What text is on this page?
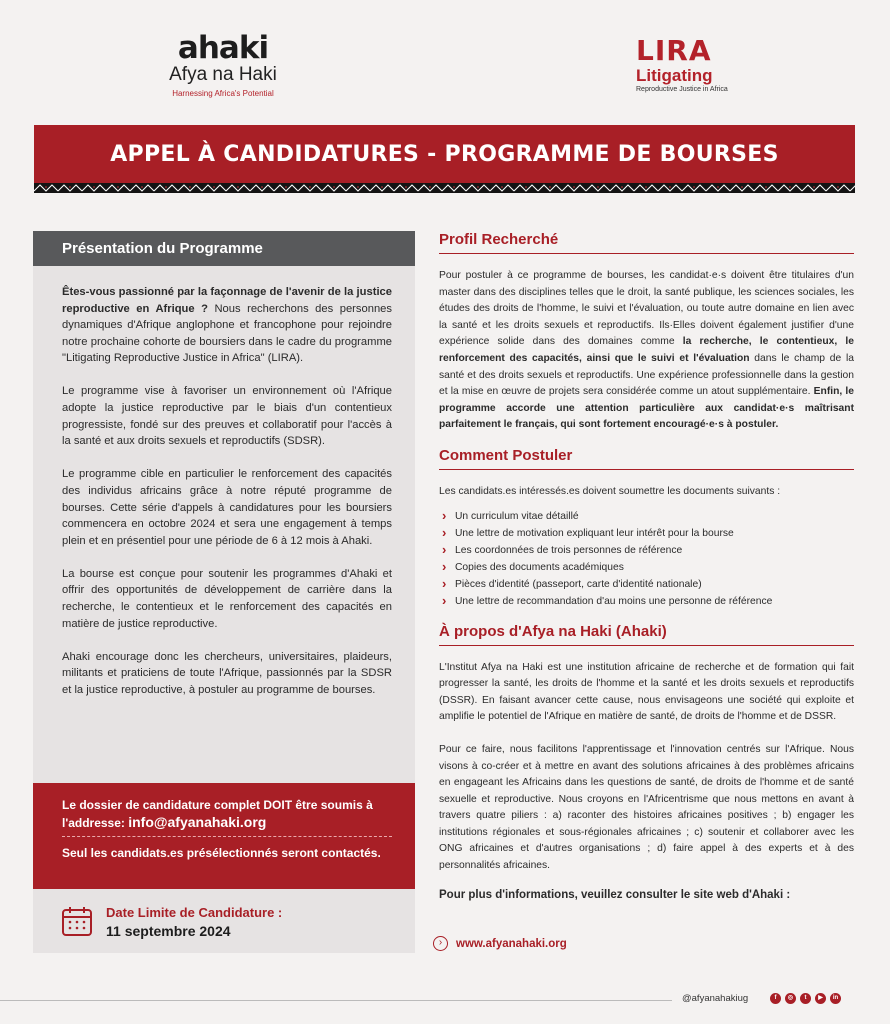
ahaki
Afya na Haki
Harnessing Africa's Potential
LIRA
Litigating
Reproductive Justice in Africa
APPEL À CANDIDATURES - PROGRAMME DE BOURSES
Présentation du Programme

Êtes-vous passionné par la façonnage de l'avenir de la justice reproductive en Afrique ? Nous recherchons des personnes dynamiques d'Afrique anglophone et francophone pour rejoindre notre prochaine cohorte de boursiers dans le cadre du programme "Litigating Reproductive Justice in Africa" (LIRA).

Le programme vise à favoriser un environnement où l'Afrique adopte la justice reproductive par le biais d'un contentieux progressiste, fondé sur des preuves et collaboratif pour l'accès à la santé et aux droits sexuels et reproductifs (SDSR).

Le programme cible en particulier le renforcement des capacités des individus africains grâce à notre réputé programme de bourses. Cette série d'appels à candidatures pour les boursiers commencera en octobre 2024 et sera une engagement à temps plein et en présentiel pour une période de 6 à 12 mois à Ahaki.

La bourse est conçue pour soutenir les programmes d'Ahaki et offrir des opportunités de développement de carrière dans la recherche, le contentieux et le renforcement des capacités en matière de justice reproductive.

Ahaki encourage donc les chercheurs, universitaires, plaideurs, militants et praticiens de toute l'Afrique, passionnés par la SDSR et la justice reproductive, à postuler au programme de bourses.

Le dossier de candidature complet DOIT être soumis à l'addresse: info@afyanahaki.org
Seul les candidats.es présélectionnés seront contactés.
Date Limite de Candidature :
11 septembre 2024
Profil Recherché

Pour postuler à ce programme de bourses, les candidat·e·s doivent être titulaires d'un master dans des disciplines telles que le droit, la santé publique, les sciences sociales, les études des droits de l'homme, le suivi et l'évaluation, ou toute autre domaine en lien avec la santé et les droits sexuels et reproductifs. Ils·Elles doivent également justifier d'une expérience solide dans des domaines comme la recherche, le contentieux, le renforcement des capacités, ainsi que le suivi et l'évaluation dans le champ de la santé et des droits sexuels et reproductifs. Une expérience professionnelle dans la gestion et la mise en œuvre de projets sera considérée comme un atout supplémentaire. Enfin, le programme accorde une attention particulière aux candidat·e·s maîtrisant parfaitement le français, qui sont fortement encouragé·e·s à postuler.

Comment Postuler

Les candidats.es intéressés.es doivent soumettre les documents suivants :

› Un curriculum vitae détaillé
› Une lettre de motivation expliquant leur intérêt pour la bourse
› Les coordonnées de trois personnes de référence
› Copies des documents académiques
› Pièces d'identité (passeport, carte d'identité nationale)
› Une lettre de recommandation d'au moins une personne de référence
À propos d'Afya na Haki (Ahaki)

L'Institut Afya na Haki est une institution africaine de recherche et de formation qui fait progresser la santé, les droits de l'homme et la santé et les droits sexuels et reproductifs (DSSR). En faisant avancer cette cause, nous envisageons une société qui exploite et amplifie le potentiel de l'Afrique en matière de santé, de droits de l'homme et de DSSR.

Pour ce faire, nous facilitons l'apprentissage et l'innovation centrés sur l'Afrique. Nous visons à co-créer et à mettre en avant des solutions africaines à des problèmes africains en engageant les Africains dans les questions de santé, de droits de l'homme et de santé sexuelle et reproductive. Nous croyons en l'Africentrisme que nous mettons en avant à travers quatre piliers : a) raconter des histoires africaines positives ; b) engager les institutions régionales et sous-régionales africaines ; c) soutenir et collaborer avec les ONG africaines et d'autres organisations ; d) faire appel à des experts et à des personnalités africaines.

Pour plus d'informations, veuillez consulter le site web d'Ahaki :

›	www.afyanahaki.org
@afyanahakiug	f	◎	t	▶	in
